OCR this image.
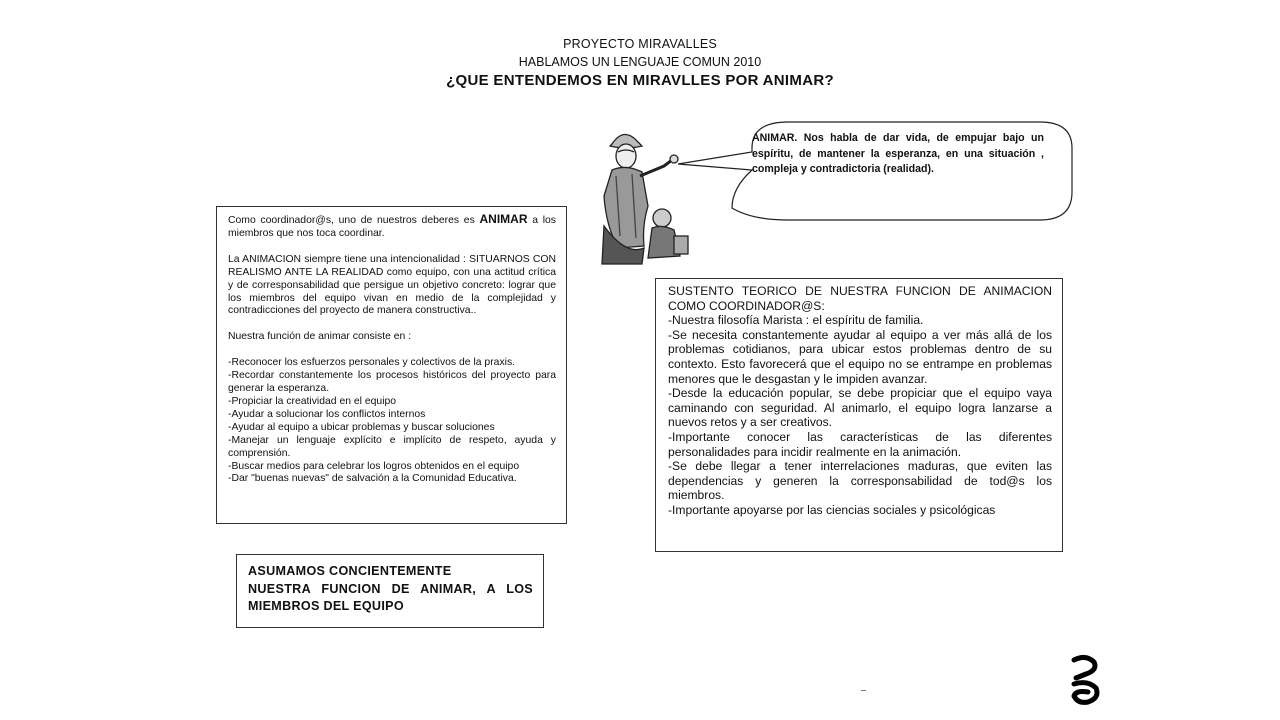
PROYECTO MIRAVALLES
HABLAMOS UN LENGUAJE COMUN 2010
¿QUE ENTENDEMOS EN MIRAVLLES POR ANIMAR?
ANIMAR. Nos habla de dar vida, de empujar bajo un espíritu, de mantener la esperanza, en una situación , compleja y contradictoria (realidad).

Como coordinador@s, uno de nuestros deberes es ANIMAR a los miembros que nos toca coordinar.

La ANIMACION siempre tiene una intencionalidad : SITUARNOS CON REALISMO ANTE LA REALIDAD como equipo, con una actitud crítica y de corresponsabilidad que persigue un objetivo concreto: lograr que los miembros del equipo vivan en medio de la complejidad y contradicciones del proyecto de manera constructiva..

Nuestra función de animar consiste en :

-Reconocer los esfuerzos personales y colectivos de la praxis.

-Recordar constantemente los procesos históricos del proyecto para generar la esperanza.

-Propiciar la creatividad en el equipo

-Ayudar a solucionar los conflictos internos

-Ayudar al equipo a ubicar problemas y buscar soluciones

-Manejar un lenguaje explícito e implícito de respeto, ayuda y comprensión.

-Buscar medios para celebrar los logros obtenidos en el equipo

-Dar "buenas nuevas" de salvación a la Comunidad Educativa.

SUSTENTO TEORICO DE NUESTRA FUNCION DE ANIMACION COMO COORDINADOR@S:

-Nuestra filosofía Marista : el espíritu de familia.

-Se necesita constantemente ayudar al equipo a ver más allá de los problemas cotidianos, para ubicar estos problemas dentro de su contexto. Esto favorecerá que el equipo no se entrampe en problemas menores que le desgastan y le impiden avanzar.

-Desde la educación popular, se debe propiciar que el equipo vaya caminando con seguridad. Al animarlo, el equipo logra lanzarse a nuevos retos y a ser creativos.

-Importante conocer las características de las diferentes personalidades para incidir realmente en la animación.

-Se debe llegar a tener interrelaciones maduras, que eviten las dependencias y generen la corresponsabilidad de tod@s los miembros.

-Importante apoyarse por las ciencias sociales y psicológicas

ASUMAMOS CONCIENTEMENTE

NUESTRA FUNCION DE ANIMAR, A LOS

MIEMBROS DEL EQUIPO
